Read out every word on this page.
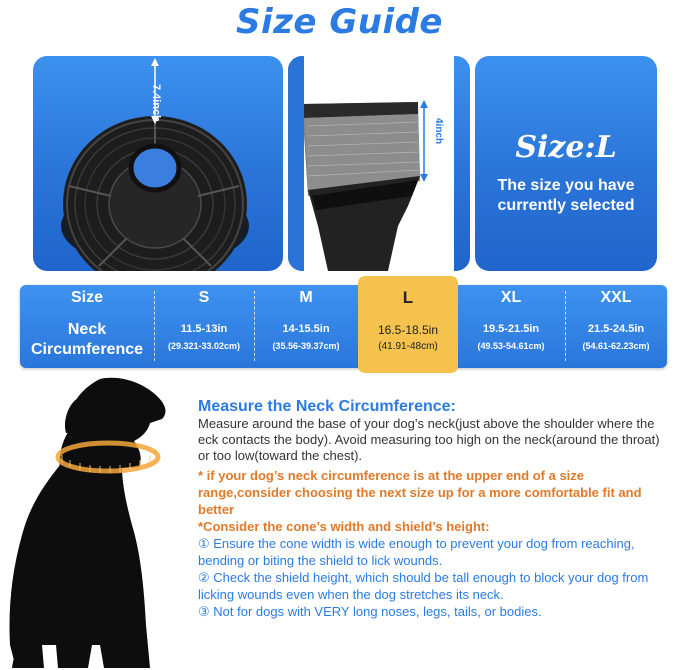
Size Guide
7.4inch
4inch	Size:L
The size you have
currently selected
L
16.5-18.5in
(41.91-48cm)
Size
Neck
Circumference
S
11.5-13in
(29.321-33.02cm)
M
14-15.5in
(35.56-39.37cm)
XL
19.5-21.5in
(49.53-54.61cm)
XXL
21.5-24.5in
(54.61-62.23cm)
Measure the Neck Circumference:
Measure around the base of your dog’s neck(just above the shoulder where the eck contacts the body). Avoid measuring too high on the neck(around the throat) or too low(toward the chest).
* if your dog’s neck circumference is at the upper end of a size range,consider choosing the next size up for a more comfortable fit and better
*Consider the cone’s width and shield’s height:
① Ensure the cone width is wide enough to prevent your dog from reaching, bending or biting the shield to lick wounds.
② Check the shield height, which should be tall enough to block your dog from licking wounds even when the dog stretches its neck.
③ Not for dogs with VERY long noses, legs, tails, or bodies.
